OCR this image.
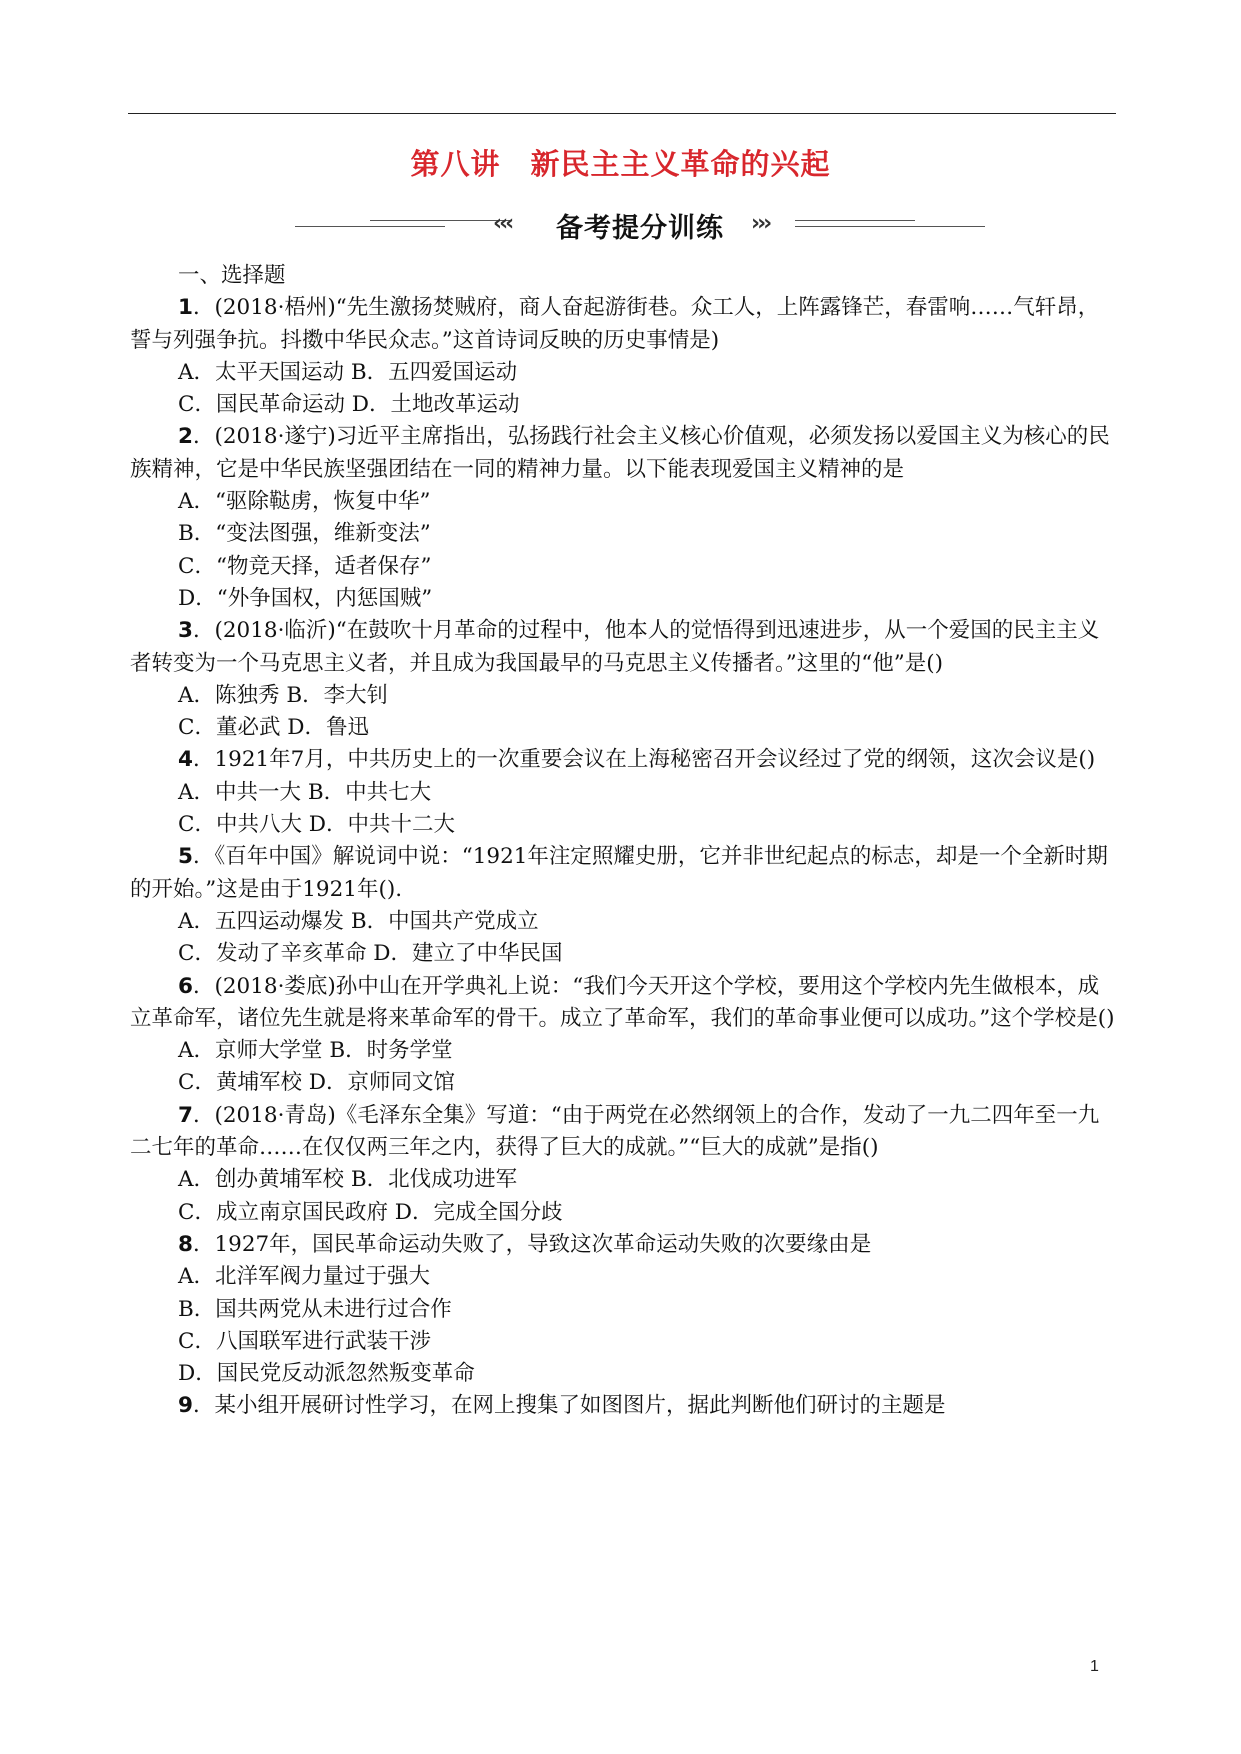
第八讲 新民主主义革命的兴起
‹‹‹	备考提分训练	›››

一、选择题

1．(2018·梧州)“先生激扬焚贼府，商人奋起游街巷。众工人，上阵露锋芒，春雷响……气轩昂，誓与列强争抗。抖擞中华民众志。”这首诗词反映的历史事情是)

A．太平天国运动 B．五四爱国运动

C．国民革命运动 D．土地改革运动

2．(2018·遂宁)习近平主席指出，弘扬践行社会主义核心价值观，必须发扬以爱国主义为核心的民族精神，它是中华民族坚强团结在一同的精神力量。以下能表现爱国主义精神的是

A．“驱除鞑虏，恢复中华”

B．“变法图强，维新变法”

C．“物竞天择，适者保存”

D．“外争国权，内惩国贼”

3．(2018·临沂)“在鼓吹十月革命的过程中，他本人的觉悟得到迅速进步，从一个爱国的民主主义者转变为一个马克思主义者，并且成为我国最早的马克思主义传播者。”这里的“他”是()

A．陈独秀 B．李大钊

C．董必武 D．鲁迅

4．1921年7月，中共历史上的一次重要会议在上海秘密召开会议经过了党的纲领，这次会议是()

A．中共一大 B．中共七大

C．中共八大 D．中共十二大

5．《百年中国》解说词中说：“1921年注定照耀史册，它并非世纪起点的标志，却是一个全新时期的开始。”这是由于1921年().

A．五四运动爆发 B．中国共产党成立

C．发动了辛亥革命 D．建立了中华民国

6．(2018·娄底)孙中山在开学典礼上说：“我们今天开这个学校，要用这个学校内先生做根本，成立革命军，诸位先生就是将来革命军的骨干。成立了革命军，我们的革命事业便可以成功。”这个学校是()

A．京师大学堂 B．时务学堂

C．黄埔军校 D．京师同文馆

7．(2018·青岛)《毛泽东全集》写道：“由于两党在必然纲领上的合作，发动了一九二四年至一九二七年的革命……在仅仅两三年之内，获得了巨大的成就。”“巨大的成就”是指()

A．创办黄埔军校 B．北伐成功进军

C．成立南京国民政府 D．完成全国分歧

8．1927年，国民革命运动失败了，导致这次革命运动失败的次要缘由是

A．北洋军阀力量过于强大

B．国共两党从未进行过合作

C．八国联军进行武装干涉

D．国民党反动派忽然叛变革命

9．某小组开展研讨性学习，在网上搜集了如图图片，据此判断他们研讨的主题是

1
